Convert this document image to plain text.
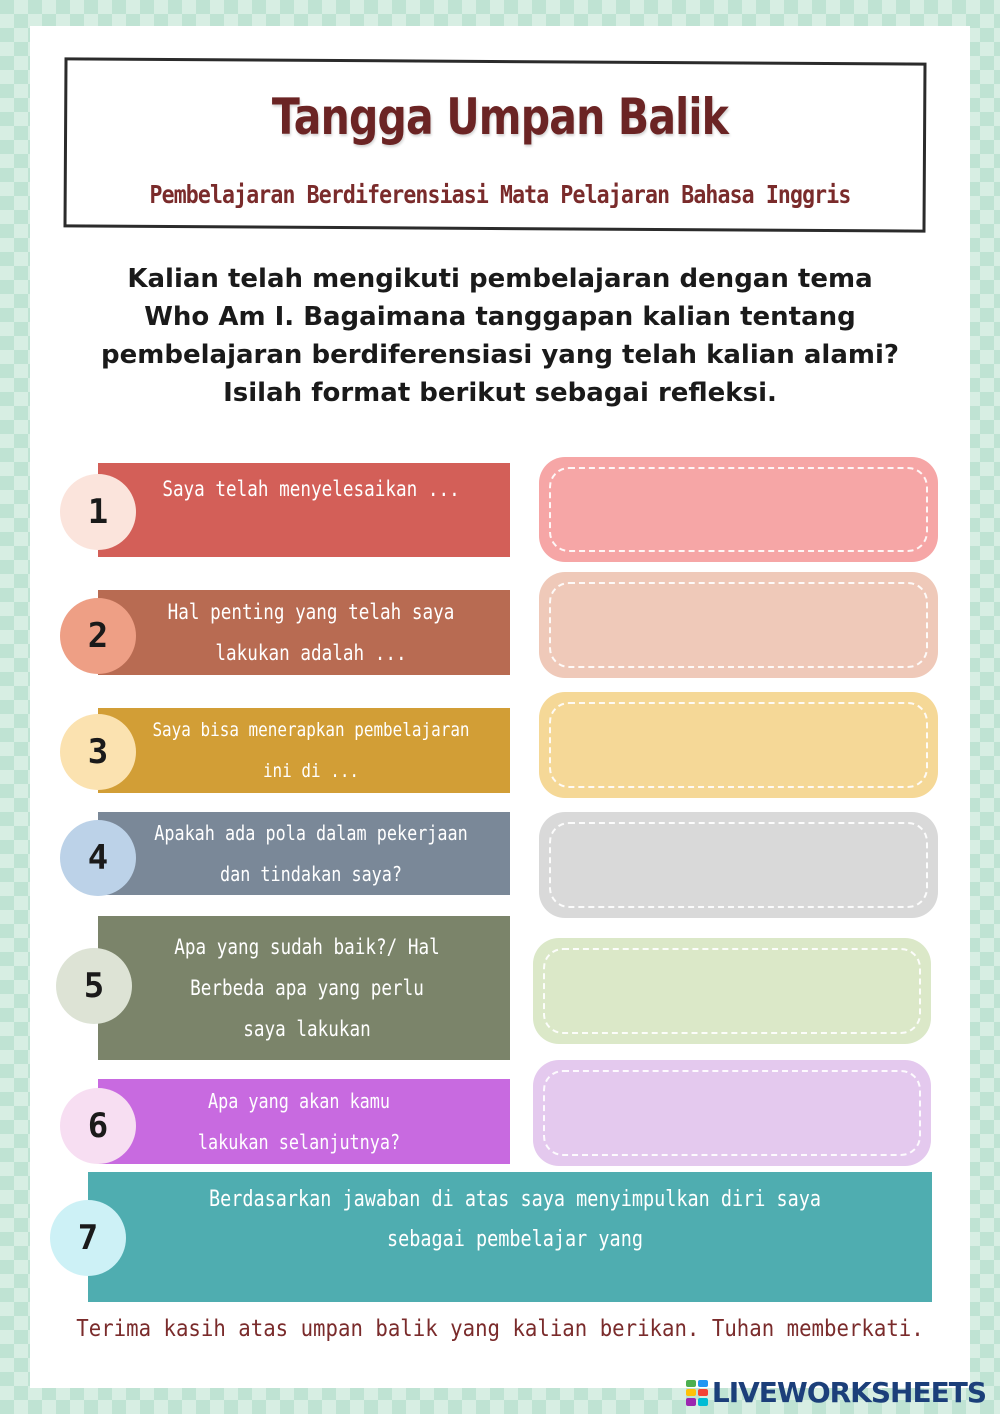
Tangga Umpan Balik
Pembelajaran Berdiferensiasi Mata Pelajaran Bahasa Inggris
Kalian telah mengikuti pembelajaran dengan tema
Who Am I. Bagaimana tanggapan kalian tentang
pembelajaran berdiferensiasi yang telah kalian alami?
Isilah format berikut sebagai refleksi.
Saya telah menyelesaikan ...
1
Hal penting yang telah saya lakukan adalah ...
2
Saya bisa menerapkan pembelajaran ini di ...
3
Apakah ada pola dalam pekerjaan dan tindakan saya?
4
Apa yang sudah baik?/ Hal Berbeda apa yang perlu saya lakukan
5
Apa yang akan kamu lakukan selanjutnya?
6
Berdasarkan jawaban di atas saya menyimpulkan diri saya sebagai pembelajar yang
7
Terima kasih atas umpan balik yang kalian berikan. Tuhan memberkati.
LIVEWORKSHEETS
